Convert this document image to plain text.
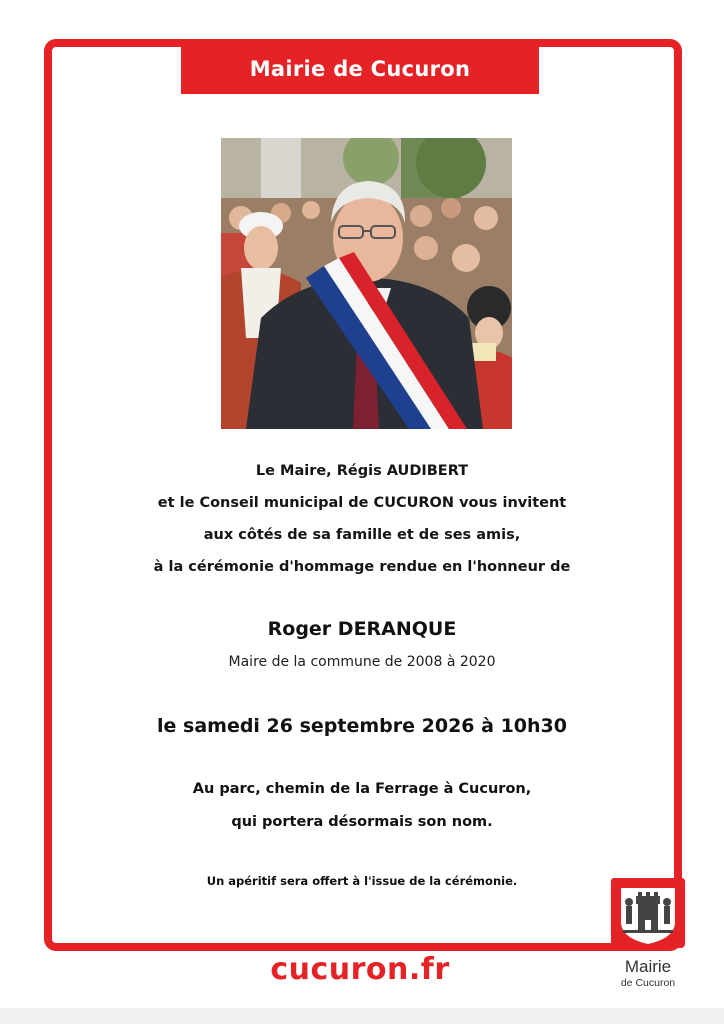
Mairie de Cucuron
Le Maire, Régis AUDIBERT
et le Conseil municipal de CUCURON vous invitent
aux côtés de sa famille et de ses amis,
à la cérémonie d'hommage rendue en l'honneur de
Roger DERANQUE
Maire de la commune de 2008 à 2020
le samedi 26 septembre 2026 à 10h30
Au parc, chemin de la Ferrage à Cucuron,
qui portera désormais son nom.
Un apéritif sera offert à l'issue de la cérémonie.
cucuron.fr	Mairie
de Cucuron
